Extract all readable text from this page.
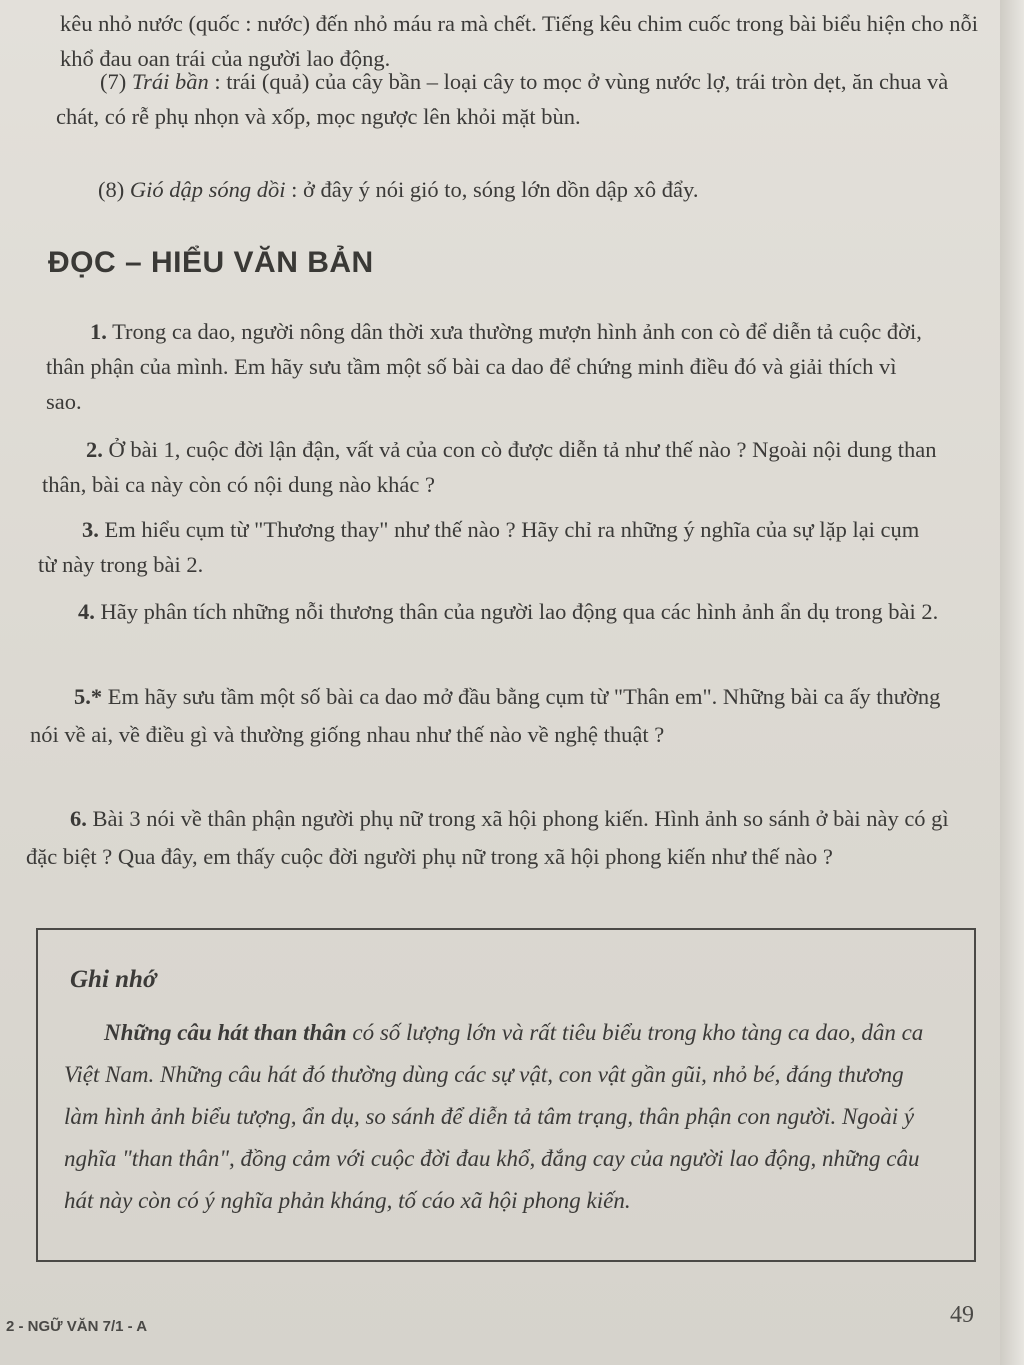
kêu nhỏ nước (quốc : nước) đến nhỏ máu ra mà chết. Tiếng kêu chim cuốc trong bài biểu hiện cho nỗi khổ đau oan trái của người lao động.

(7) Trái bần : trái (quả) của cây bần – loại cây to mọc ở vùng nước lợ, trái tròn dẹt, ăn chua và chát, có rễ phụ nhọn và xốp, mọc ngược lên khỏi mặt bùn.

(8) Gió dập sóng dồi : ở đây ý nói gió to, sóng lớn dồn dập xô đẩy.

ĐỌC – HIỂU VĂN BẢN

1. Trong ca dao, người nông dân thời xưa thường mượn hình ảnh con cò để diễn tả cuộc đời, thân phận của mình. Em hãy sưu tầm một số bài ca dao để chứng minh điều đó và giải thích vì sao.

2. Ở bài 1, cuộc đời lận đận, vất vả của con cò được diễn tả như thế nào ? Ngoài nội dung than thân, bài ca này còn có nội dung nào khác ?

3. Em hiểu cụm từ "Thương thay" như thế nào ? Hãy chỉ ra những ý nghĩa của sự lặp lại cụm từ này trong bài 2.

4. Hãy phân tích những nỗi thương thân của người lao động qua các hình ảnh ẩn dụ trong bài 2.

5.* Em hãy sưu tầm một số bài ca dao mở đầu bằng cụm từ "Thân em". Những bài ca ấy thường nói về ai, về điều gì và thường giống nhau như thế nào về nghệ thuật ?

6. Bài 3 nói về thân phận người phụ nữ trong xã hội phong kiến. Hình ảnh so sánh ở bài này có gì đặc biệt ? Qua đây, em thấy cuộc đời người phụ nữ trong xã hội phong kiến như thế nào ?

Ghi nhớ

Những câu hát than thân có số lượng lớn và rất tiêu biểu trong kho tàng ca dao, dân ca Việt Nam. Những câu hát đó thường dùng các sự vật, con vật gần gũi, nhỏ bé, đáng thương làm hình ảnh biểu tượng, ẩn dụ, so sánh để diễn tả tâm trạng, thân phận con người. Ngoài ý nghĩa "than thân", đồng cảm với cuộc đời đau khổ, đắng cay của người lao động, những câu hát này còn có ý nghĩa phản kháng, tố cáo xã hội phong kiến.

2 - NGỮ VĂN 7/1 - A	49
